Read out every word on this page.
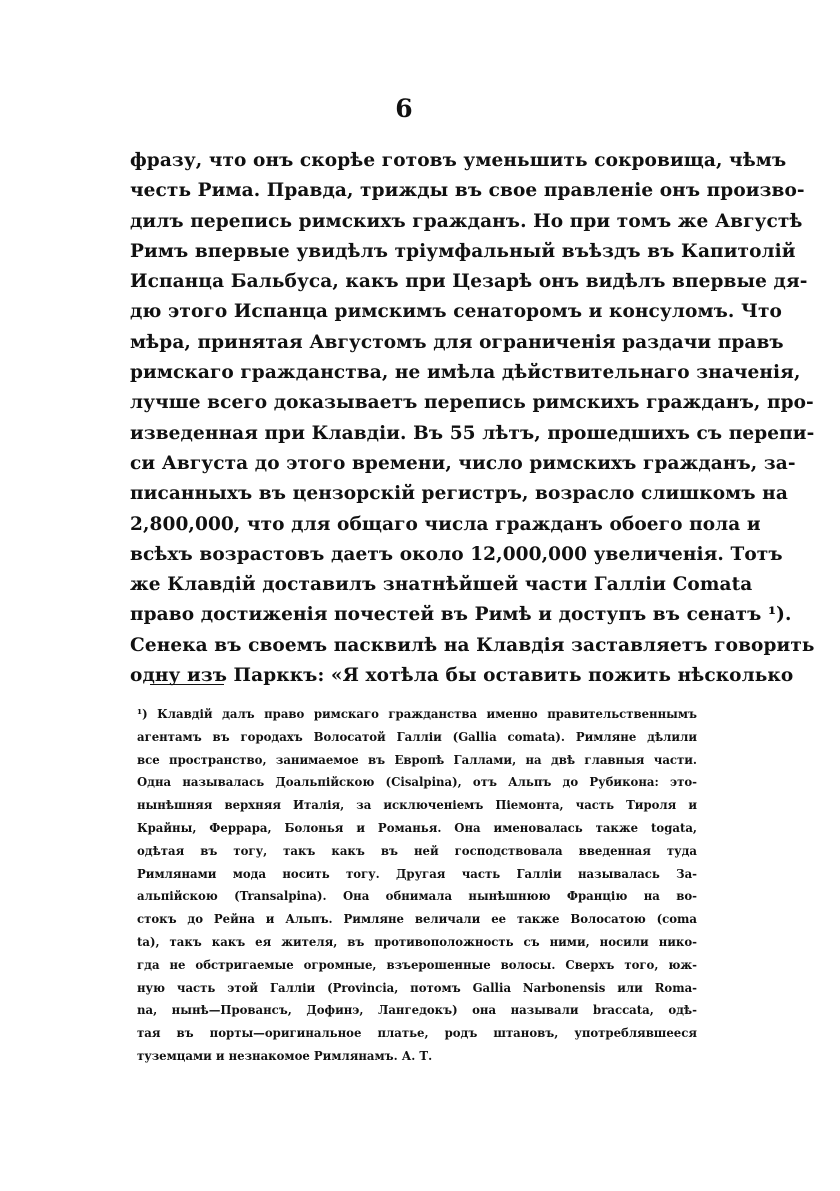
6
фразу, что онъ скорѣе готовъ уменьшить сокровища, чѣмъ
честь Рима. Правда, трижды въ свое правленіе онъ произво-
дилъ перепись римскихъ гражданъ. Но при томъ же Августѣ
Римъ впервые увидѣлъ тріумфальный въѣздъ въ Капитолій
Испанца Бальбуса, какъ при Цезарѣ онъ видѣлъ впервые дя-
дю этого Испанца римскимъ сенаторомъ и консуломъ. Что
мѣра, принятая Августомъ для ограниченія раздачи правъ
римскаго гражданства, не имѣла дѣйствительнаго значенія,
лучше всего доказываетъ перепись римскихъ гражданъ, про-
изведенная при Клавдіи. Въ 55 лѣтъ, прошедшихъ съ перепи-
си Августа до этого времени, число римскихъ гражданъ, за-
писанныхъ въ цензорскій регистръ, возрасло слишкомъ на
2,800,000, что для общаго числа гражданъ обоего пола и
всѣхъ возрастовъ даетъ около 12,000,000 увеличенія. Тотъ
же Клавдій доставилъ знатнѣйшей части Галліи Comata
право достиженія почестей въ Римѣ и доступъ въ сенатъ ¹).
Сенека въ своемъ пасквилѣ на Клавдія заставляетъ говорить
одну изъ Парккъ: «Я хотѣла бы оставить пожить нѣсколько
¹) Клавдій далъ право римскаго гражданства именно правительственнымъ
агентамъ въ городахъ Волосатой Галліи (Gallia comata). Римляне дѣлили
все пространство, занимаемое въ Европѣ Галлами, на двѣ главныя части.
Одна называлась Доальпійскою (Cisalpina), отъ Альпъ до Рубикона: это-
нынѣшняя верхняя Италія, за исключеніемъ Піемонта, часть Тироля и
Крайны, Феррара, Болонья и Романья. Она именовалась также togata,
одѣтая въ тогу, такъ какъ въ ней господствовала введенная туда
Римлянами мода носить тогу. Другая часть Галліи называлась За-
альпійскою (Transalpina). Она обнимала нынѣшнюю Францію на во-
стокъ до Рейна и Альпъ. Римляне величали ее также Волосатою (coma
ta), такъ какъ ея жителя, въ противоположность съ ними, носили нико-
гда не обстригаемые огромные, взъерошенные волосы. Сверхъ того, юж-
ную часть этой Галліи (Provincia, потомъ Gallia Narbonensis или Roma-
na, нынѣ—Провансъ, Дофинэ, Лангедокъ) она называли braccata, одѣ-
тая въ порты—оригинальное платье, родъ штановъ, употреблявшееся
туземцами и незнакомое Римлянамъ. А. Т.
